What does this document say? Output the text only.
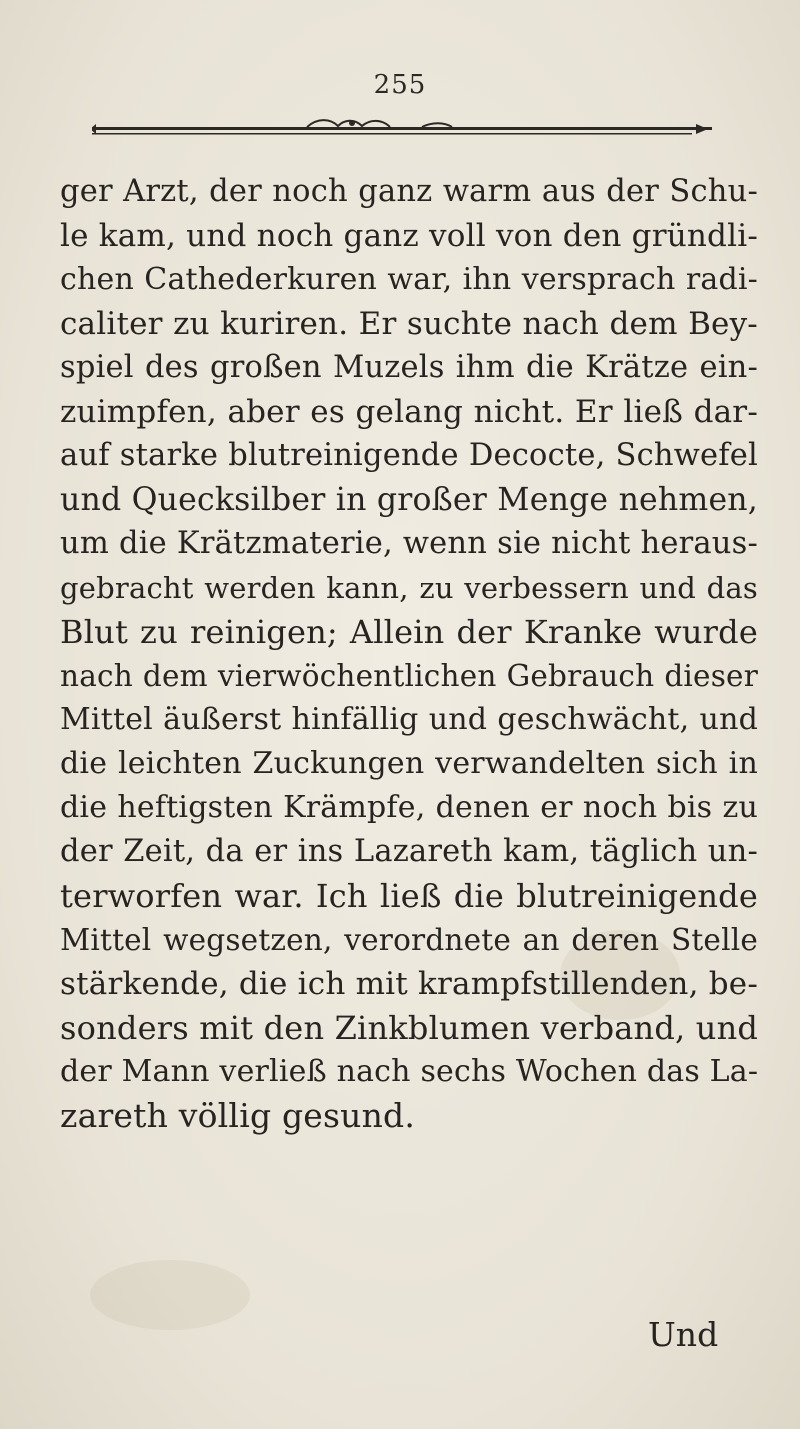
255
ger Arzt, der noch ganz warm aus der Schu-
le kam, und noch ganz voll von den gründli-
chen Cathederkuren war, ihn versprach radi-
caliter zu kuriren. Er suchte nach dem Bey-
spiel des großen Muzels ihm die Krätze ein-
zuimpfen, aber es gelang nicht. Er ließ dar-
auf starke blutreinigende Decocte, Schwefel
und Quecksilber in großer Menge nehmen,
um die Krätzmaterie, wenn sie nicht heraus-
gebracht werden kann, zu verbessern und das
Blut zu reinigen; Allein der Kranke wurde
nach dem vierwöchentlichen Gebrauch dieser
Mittel äußerst hinfällig und geschwächt, und
die leichten Zuckungen verwandelten sich in
die heftigsten Krämpfe, denen er noch bis zu
der Zeit, da er ins Lazareth kam, täglich un-
terworfen war. Ich ließ die blutreinigende
Mittel wegsetzen, verordnete an deren Stelle
stärkende, die ich mit krampfstillenden, be-
sonders mit den Zinkblumen verband, und
der Mann verließ nach sechs Wochen das La-
zareth völlig gesund.
Und
